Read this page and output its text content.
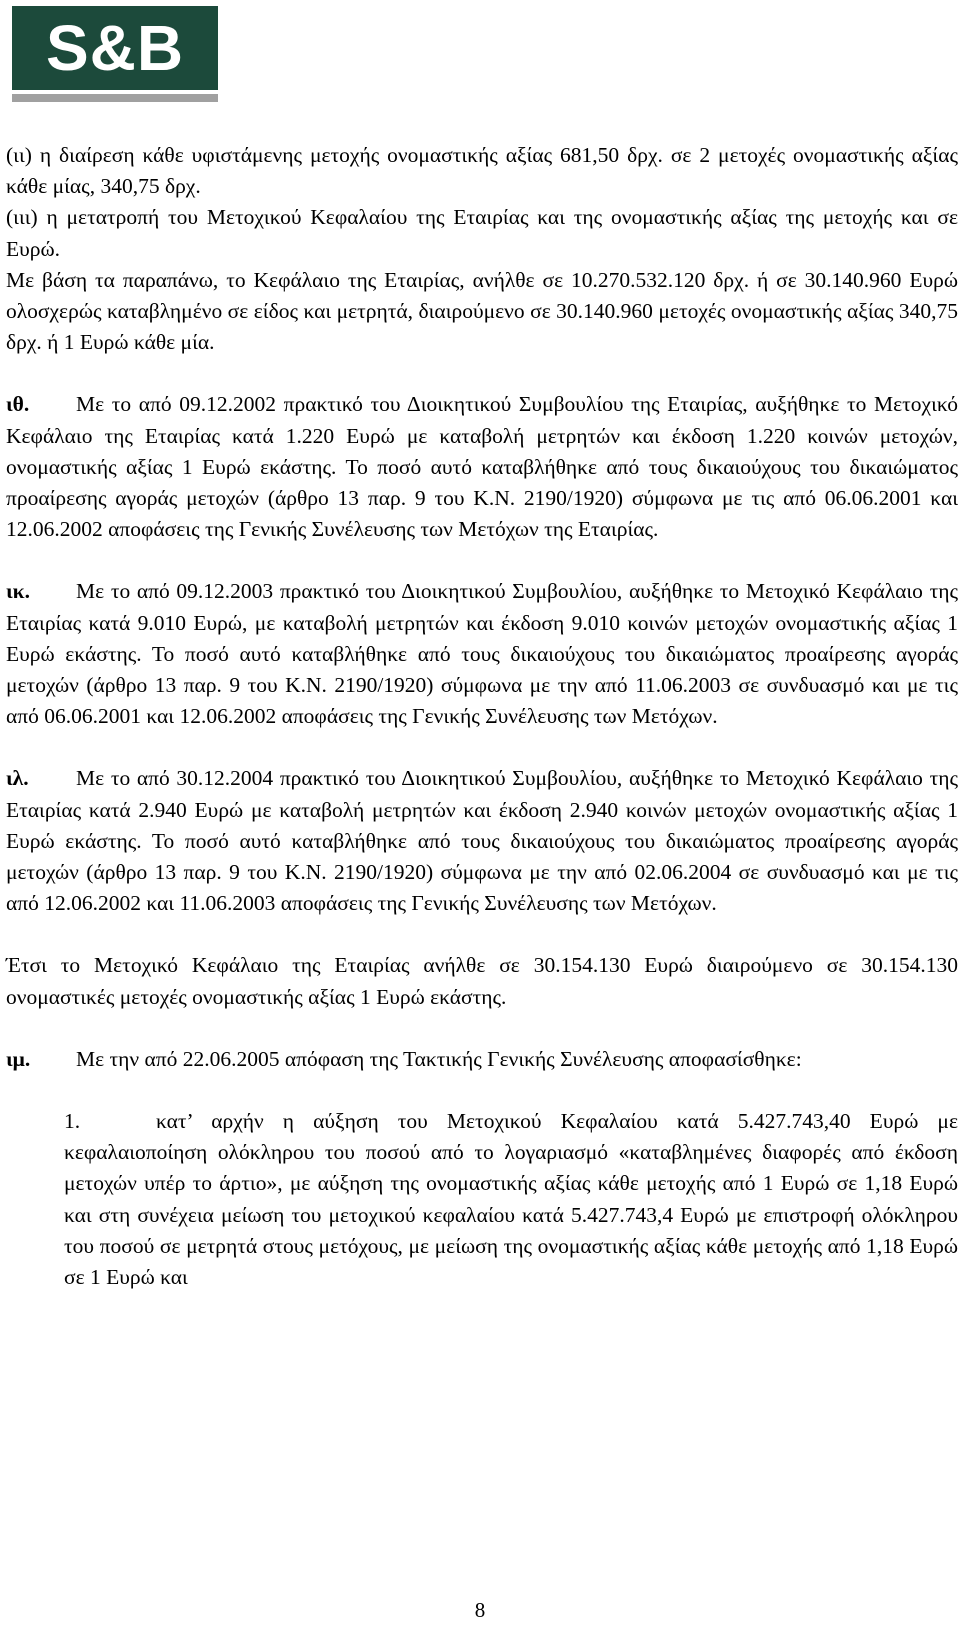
S&B

(ιι) η διαίρεση κάθε υφιστάμενης μετοχής ονομαστικής αξίας 681,50 δρχ. σε 2 μετοχές ονομαστικής αξίας κάθε μίας, 340,75 δρχ.

(ιιι) η μετατροπή του Μετοχικού Κεφαλαίου της Εταιρίας και της ονομαστικής αξίας της μετοχής και σε Ευρώ.

Με βάση τα παραπάνω, το Κεφάλαιο της Εταιρίας, ανήλθε σε 10.270.532.120 δρχ. ή σε 30.140.960 Ευρώ ολοσχερώς καταβλημένο σε είδος και μετρητά, διαιρούμενο σε 30.140.960 μετοχές ονομαστικής αξίας 340,75 δρχ. ή 1 Ευρώ κάθε μία.

ιθ. Με το από 09.12.2002 πρακτικό του Διοικητικού Συμβουλίου της Εταιρίας, αυξήθηκε το Μετοχικό Κεφάλαιο της Εταιρίας κατά 1.220 Ευρώ με καταβολή μετρητών και έκδοση 1.220 κοινών μετοχών, ονομαστικής αξίας 1 Ευρώ εκάστης. Το ποσό αυτό καταβλήθηκε από τους δικαιούχους του δικαιώματος προαίρεσης αγοράς μετοχών (άρθρο 13 παρ. 9 του Κ.Ν. 2190/1920) σύμφωνα με τις από 06.06.2001 και 12.06.2002 αποφάσεις της Γενικής Συνέλευσης των Μετόχων της Εταιρίας.

ικ. Με το από 09.12.2003 πρακτικό του Διοικητικού Συμβουλίου, αυξήθηκε το Μετοχικό Κεφάλαιο της Εταιρίας κατά 9.010 Ευρώ, με καταβολή μετρητών και έκδοση 9.010 κοινών μετοχών ονομαστικής αξίας 1 Ευρώ εκάστης. Το ποσό αυτό καταβλήθηκε από τους δικαιούχους του δικαιώματος προαίρεσης αγοράς μετοχών (άρθρο 13 παρ. 9 του Κ.Ν. 2190/1920) σύμφωνα με την από 11.06.2003 σε συνδυασμό και με τις από 06.06.2001 και 12.06.2002 αποφάσεις της Γενικής Συνέλευσης των Μετόχων.

ιλ. Με το από 30.12.2004 πρακτικό του Διοικητικού Συμβουλίου, αυξήθηκε το Μετοχικό Κεφάλαιο της Εταιρίας κατά 2.940 Ευρώ με καταβολή μετρητών και έκδοση 2.940 κοινών μετοχών ονομαστικής αξίας 1 Ευρώ εκάστης. Το ποσό αυτό καταβλήθηκε από τους δικαιούχους του δικαιώματος προαίρεσης αγοράς μετοχών (άρθρο 13 παρ. 9 του Κ.Ν. 2190/1920) σύμφωνα με την από 02.06.2004 σε συνδυασμό και με τις από 12.06.2002 και 11.06.2003 αποφάσεις της Γενικής Συνέλευσης των Μετόχων.

Έτσι το Μετοχικό Κεφάλαιο της Εταιρίας ανήλθε σε 30.154.130 Ευρώ διαιρούμενο σε 30.154.130 ονομαστικές μετοχές ονομαστικής αξίας 1 Ευρώ εκάστης.

ιμ. Με την από 22.06.2005 απόφαση της Τακτικής Γενικής Συνέλευσης αποφασίσθηκε:

1.	κατ’ αρχήν η αύξηση του Μετοχικού Κεφαλαίου κατά 5.427.743,40 Ευρώ με κεφαλαιοποίηση ολόκληρου του ποσού από το λογαριασμό «καταβλημένες διαφορές από έκδοση μετοχών υπέρ το άρτιο», με αύξηση της ονομαστικής αξίας κάθε μετοχής από 1 Ευρώ σε 1,18 Ευρώ και στη συνέχεια μείωση του μετοχικού κεφαλαίου κατά 5.427.743,4 Ευρώ με επιστροφή ολόκληρου του ποσού σε μετρητά στους μετόχους, με μείωση της ονομαστικής αξίας κάθε μετοχής από 1,18 Ευρώ σε 1 Ευρώ και

8
